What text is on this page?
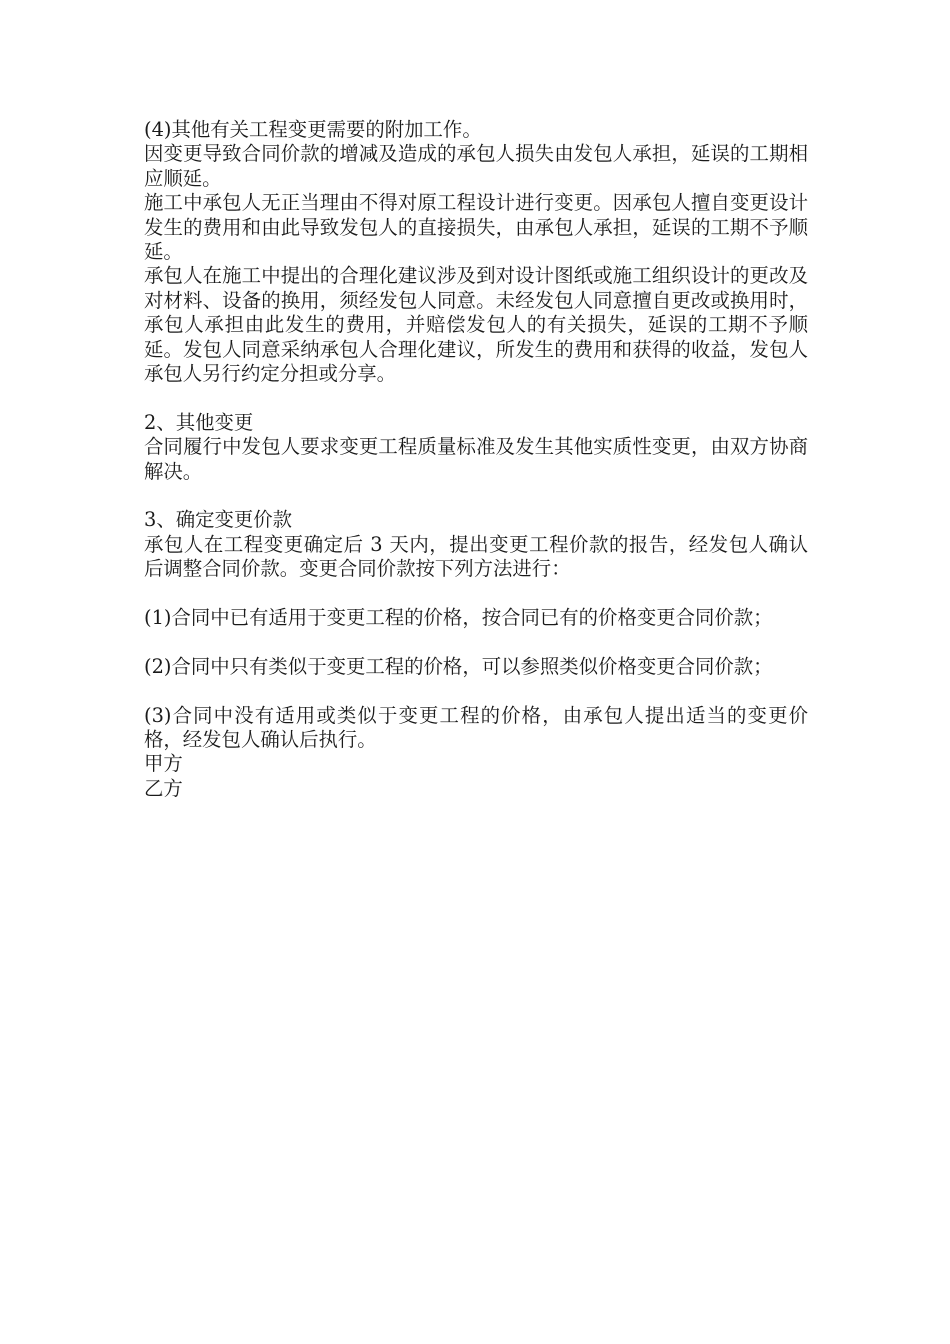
(4)其他有关工程变更需要的附加工作。

因变更导致合同价款的增减及造成的承包人损失由发包人承担，延误的工期相应顺延。

施工中承包人无正当理由不得对原工程设计进行变更。因承包人擅自变更设计发生的费用和由此导致发包人的直接损失，由承包人承担，延误的工期不予顺延。

承包人在施工中提出的合理化建议涉及到对设计图纸或施工组织设计的更改及对材料、设备的换用，须经发包人同意。未经发包人同意擅自更改或换用时，承包人承担由此发生的费用，并赔偿发包人的有关损失，延误的工期不予顺延。发包人同意采纳承包人合理化建议，所发生的费用和获得的收益，发包人承包人另行约定分担或分享。

2、其他变更

合同履行中发包人要求变更工程质量标准及发生其他实质性变更，由双方协商解决。

3、确定变更价款

承包人在工程变更确定后 3 天内，提出变更工程价款的报告，经发包人确认后调整合同价款。变更合同价款按下列方法进行：

(1)合同中已有适用于变更工程的价格，按合同已有的价格变更合同价款；

(2)合同中只有类似于变更工程的价格，可以参照类似价格变更合同价款；

(3)合同中没有适用或类似于变更工程的价格，由承包人提出适当的变更价格，经发包人确认后执行。

甲方

乙方
